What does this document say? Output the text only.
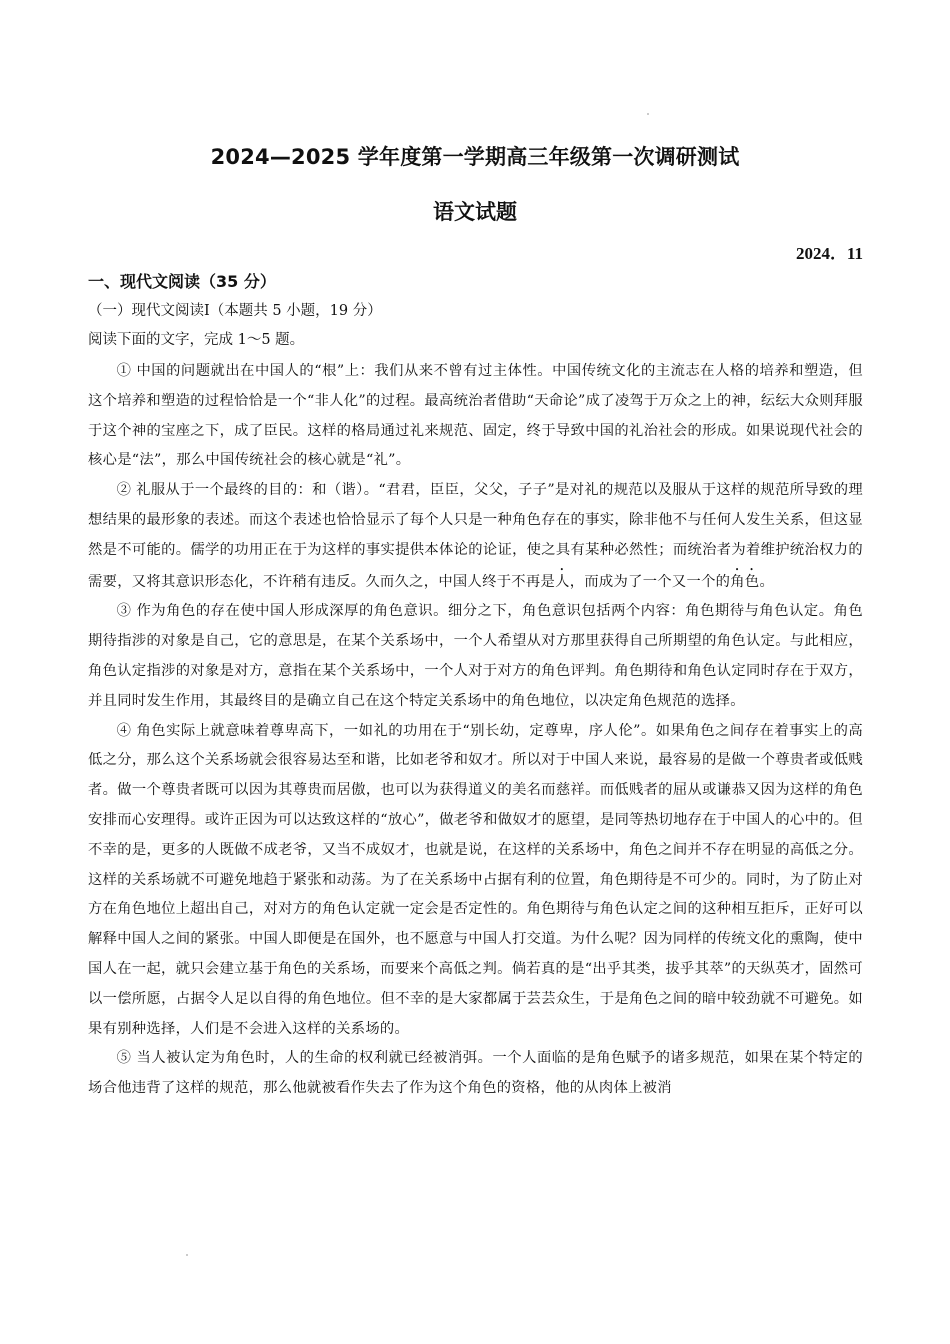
2024—2025 学年度第一学期高三年级第一次调研测试
语文试题
2024．11
一、现代文阅读（35 分）
（一）现代文阅读Ⅰ（本题共 5 小题，19 分）
阅读下面的文字，完成 1～5 题。

① 中国的问题就出在中国人的“根”上：我们从来不曾有过主体性。中国传统文化的主流志在人格的培养和塑造，但这个培养和塑造的过程恰恰是一个“非人化”的过程。最高统治者借助“天命论”成了凌驾于万众之上的神，纭纭大众则拜服于这个神的宝座之下，成了臣民。这样的格局通过礼来规范、固定，终于导致中国的礼治社会的形成。如果说现代社会的核心是“法”，那么中国传统社会的核心就是“礼”。

② 礼服从于一个最终的目的：和（谐）。“君君，臣臣，父父，子子”是对礼的规范以及服从于这样的规范所导致的理想结果的最形象的表述。而这个表述也恰恰显示了每个人只是一种角色存在的事实，除非他不与任何人发生关系，但这显然是不可能的。儒学的功用正在于为这样的事实提供本体论的论证，使之具有某种必然性；而统治者为着维护统治权力的需要，又将其意识形态化，不许稍有违反。久而久之，中国人终于不再是人，而成为了一个又一个的角色。

③ 作为角色的存在使中国人形成深厚的角色意识。细分之下，角色意识包括两个内容：角色期待与角色认定。角色期待指涉的对象是自己，它的意思是，在某个关系场中，一个人希望从对方那里获得自己所期望的角色认定。与此相应，角色认定指涉的对象是对方，意指在某个关系场中，一个人对于对方的角色评判。角色期待和角色认定同时存在于双方，并且同时发生作用，其最终目的是确立自己在这个特定关系场中的角色地位，以决定角色规范的选择。

④ 角色实际上就意味着尊卑高下，一如礼的功用在于“别长幼，定尊卑，序人伦”。如果角色之间存在着事实上的高低之分，那么这个关系场就会很容易达至和谐，比如老爷和奴才。所以对于中国人来说，最容易的是做一个尊贵者或低贱者。做一个尊贵者既可以因为其尊贵而居傲，也可以为获得道义的美名而慈祥。而低贱者的屈从或谦恭又因为这样的角色安排而心安理得。或许正因为可以达致这样的“放心”，做老爷和做奴才的愿望，是同等热切地存在于中国人的心中的。但不幸的是，更多的人既做不成老爷，又当不成奴才，也就是说，在这样的关系场中，角色之间并不存在明显的高低之分。这样的关系场就不可避免地趋于紧张和动荡。为了在关系场中占据有利的位置，角色期待是不可少的。同时，为了防止对方在角色地位上超出自己，对对方的角色认定就一定会是否定性的。角色期待与角色认定之间的这种相互拒斥，正好可以解释中国人之间的紧张。中国人即便是在国外，也不愿意与中国人打交道。为什么呢？因为同样的传统文化的熏陶，使中国人在一起，就只会建立基于角色的关系场，而要来个高低之判。倘若真的是“出乎其类，拔乎其萃”的天纵英才，固然可以一偿所愿，占据令人足以自得的角色地位。但不幸的是大家都属于芸芸众生，于是角色之间的暗中较劲就不可避免。如果有别种选择，人们是不会进入这样的关系场的。

⑤ 当人被认定为角色时，人的生命的权利就已经被消弭。一个人面临的是角色赋予的诸多规范，如果在某个特定的场合他违背了这样的规范，那么他就被看作失去了作为这个角色的资格，他的从肉体上被消
